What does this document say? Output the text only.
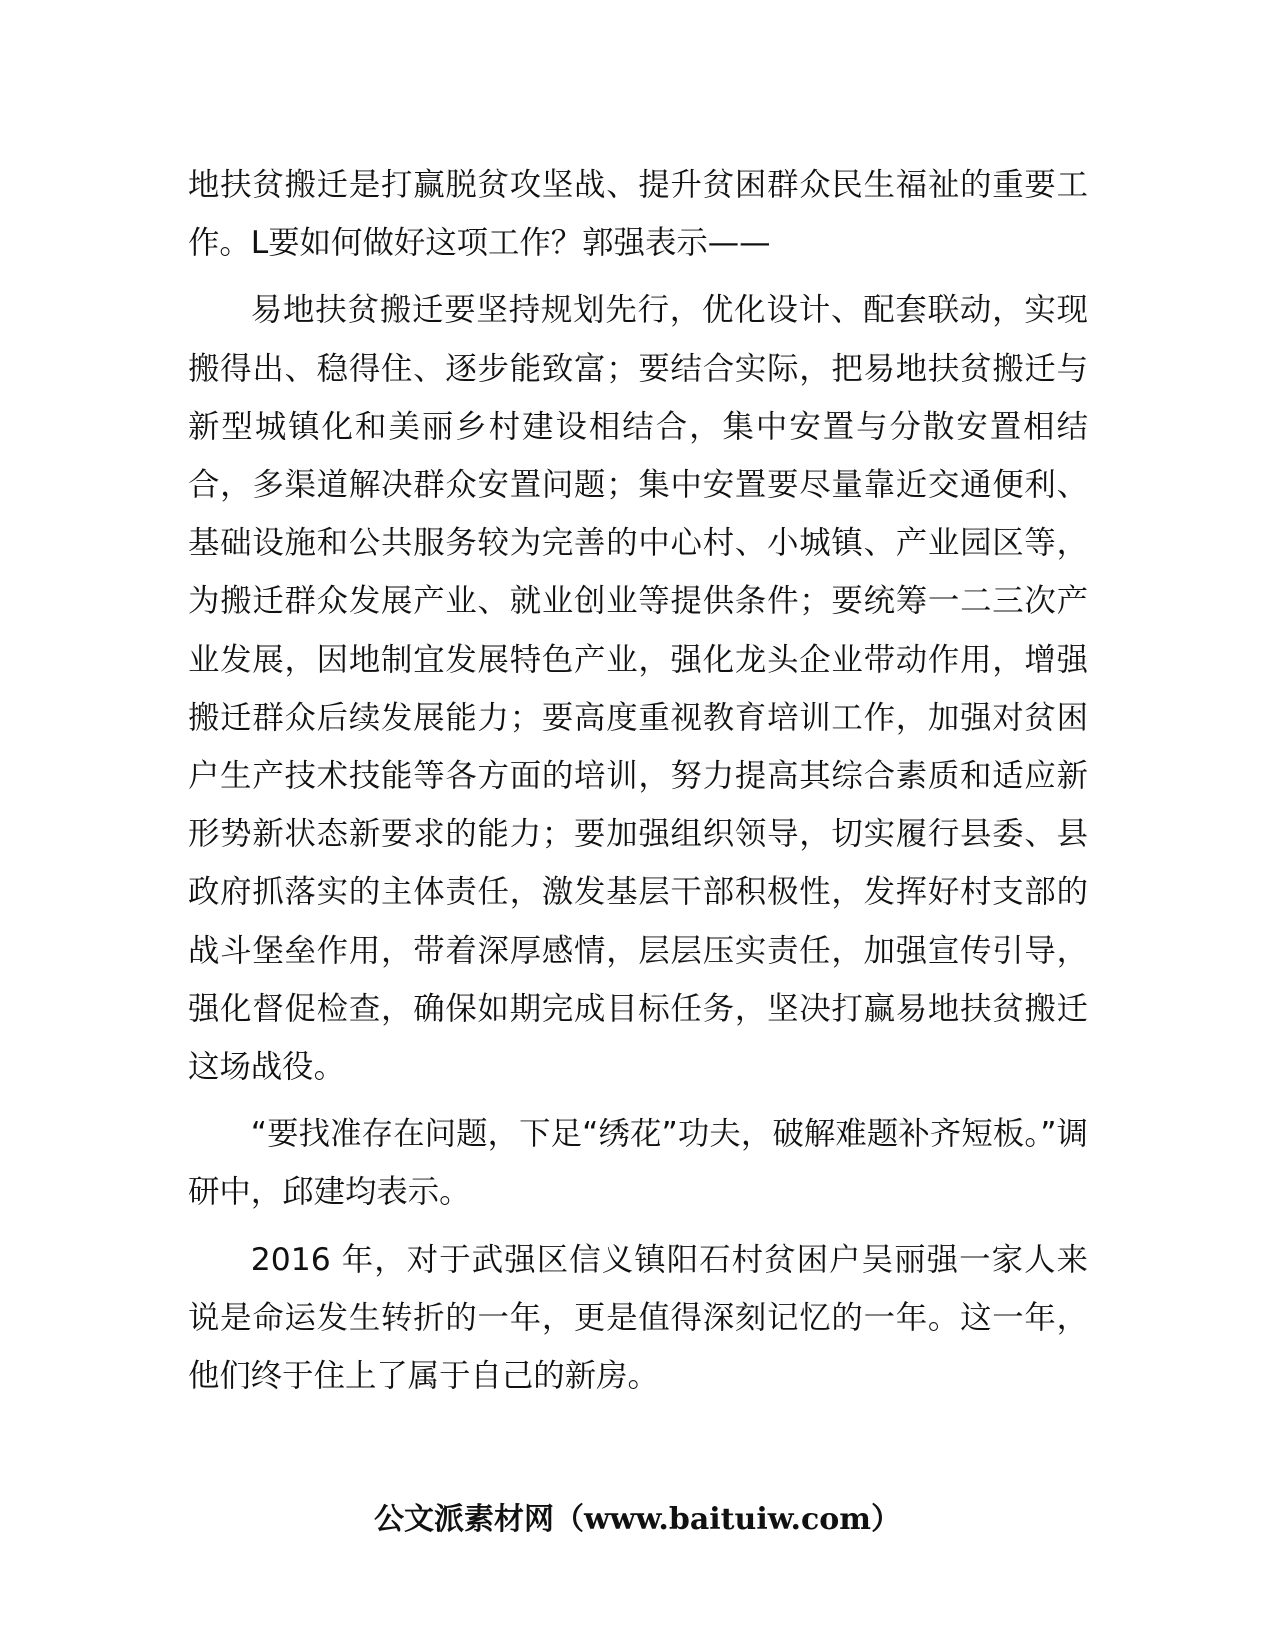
地扶贫搬迁是打赢脱贫攻坚战、提升贫困群众民生福祉的重要工作。L要如何做好这项工作？郭强表示——

易地扶贫搬迁要坚持规划先行，优化设计、配套联动，实现搬得出、稳得住、逐步能致富；要结合实际，把易地扶贫搬迁与新型城镇化和美丽乡村建设相结合，集中安置与分散安置相结合，多渠道解决群众安置问题；集中安置要尽量靠近交通便利、基础设施和公共服务较为完善的中心村、小城镇、产业园区等，为搬迁群众发展产业、就业创业等提供条件；要统筹一二三次产业发展，因地制宜发展特色产业，强化龙头企业带动作用，增强搬迁群众后续发展能力；要高度重视教育培训工作，加强对贫困户生产技术技能等各方面的培训，努力提高其综合素质和适应新形势新状态新要求的能力；要加强组织领导，切实履行县委、县政府抓落实的主体责任，激发基层干部积极性，发挥好村支部的战斗堡垒作用，带着深厚感情，层层压实责任，加强宣传引导，强化督促检查，确保如期完成目标任务，坚决打赢易地扶贫搬迁这场战役。

“要找准存在问题，下足“绣花”功夫，破解难题补齐短板。”调研中，邱建均表示。

2016 年，对于武强区信义镇阳石村贫困户吴丽强一家人来说是命运发生转折的一年，更是值得深刻记忆的一年。这一年，他们终于住上了属于自己的新房。

公文派素材网（www.baituiw.com）
